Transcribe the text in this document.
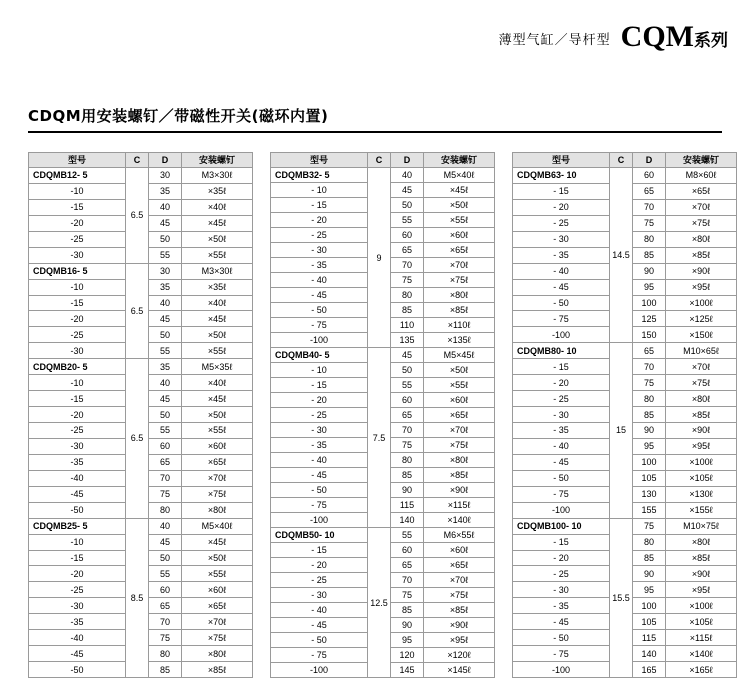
薄型气缸／导杆型 CQM系列
CDQM用安装螺钉／带磁性开关(磁环内置)
型号	C	D	安装螺钉
CDQMB12- 5	6.5	30	M3×30ℓ
-10		35	×35ℓ
-15		40	×40ℓ
-20		45	×45ℓ
-25		50	×50ℓ
-30		55	×55ℓ
CDQMB16- 5	6.5	30	M3×30ℓ
-10		35	×35ℓ
-15		40	×40ℓ
-20		45	×45ℓ
-25		50	×50ℓ
-30		55	×55ℓ
CDQMB20- 5	6.5	35	M5×35ℓ
-10		40	×40ℓ
-15		45	×45ℓ
-20		50	×50ℓ
-25		55	×55ℓ
-30		60	×60ℓ
-35		65	×65ℓ
-40		70	×70ℓ
-45		75	×75ℓ
-50		80	×80ℓ
CDQMB25- 5	8.5	40	M5×40ℓ
-10		45	×45ℓ
-15		50	×50ℓ
-20		55	×55ℓ
-25		60	×60ℓ
-30		65	×65ℓ
-35		70	×70ℓ
-40		75	×75ℓ
-45		80	×80ℓ
-50		85	×85ℓ
型号	C	D	安装螺钉
CDQMB32- 5	9	40	M5×40ℓ
- 10		45	×45ℓ
- 15		50	×50ℓ
- 20		55	×55ℓ
- 25		60	×60ℓ
- 30		65	×65ℓ
- 35		70	×70ℓ
- 40		75	×75ℓ
- 45		80	×80ℓ
- 50		85	×85ℓ
- 75		110	×110ℓ
-100		135	×135ℓ
CDQMB40- 5	7.5	45	M5×45ℓ
- 10		50	×50ℓ
- 15		55	×55ℓ
- 20		60	×60ℓ
- 25		65	×65ℓ
- 30		70	×70ℓ
- 35		75	×75ℓ
- 40		80	×80ℓ
- 45		85	×85ℓ
- 50		90	×90ℓ
- 75		115	×115ℓ
-100		140	×140ℓ
CDQMB50- 10	12.5	55	M6×55ℓ
- 15		60	×60ℓ
- 20		65	×65ℓ
- 25		70	×70ℓ
- 30		75	×75ℓ
- 40		85	×85ℓ
- 45		90	×90ℓ
- 50		95	×95ℓ
- 75		120	×120ℓ
-100		145	×145ℓ
型号	C	D	安装螺钉
CDQMB63- 10	14.5	60	M8×60ℓ
- 15		65	×65ℓ
- 20		70	×70ℓ
- 25		75	×75ℓ
- 30		80	×80ℓ
- 35		85	×85ℓ
- 40		90	×90ℓ
- 45		95	×95ℓ
- 50		100	×100ℓ
- 75		125	×125ℓ
-100		150	×150ℓ
CDQMB80- 10	15	65	M10×65ℓ
- 15		70	×70ℓ
- 20		75	×75ℓ
- 25		80	×80ℓ
- 30		85	×85ℓ
- 35		90	×90ℓ
- 40		95	×95ℓ
- 45		100	×100ℓ
- 50		105	×105ℓ
- 75		130	×130ℓ
-100		155	×155ℓ
CDQMB100- 10	15.5	75	M10×75ℓ
- 15		80	×80ℓ
- 20		85	×85ℓ
- 25		90	×90ℓ
- 30		95	×95ℓ
- 35		100	×100ℓ
- 45		105	×105ℓ
- 50		115	×115ℓ
- 75		140	×140ℓ
-100		165	×165ℓ
